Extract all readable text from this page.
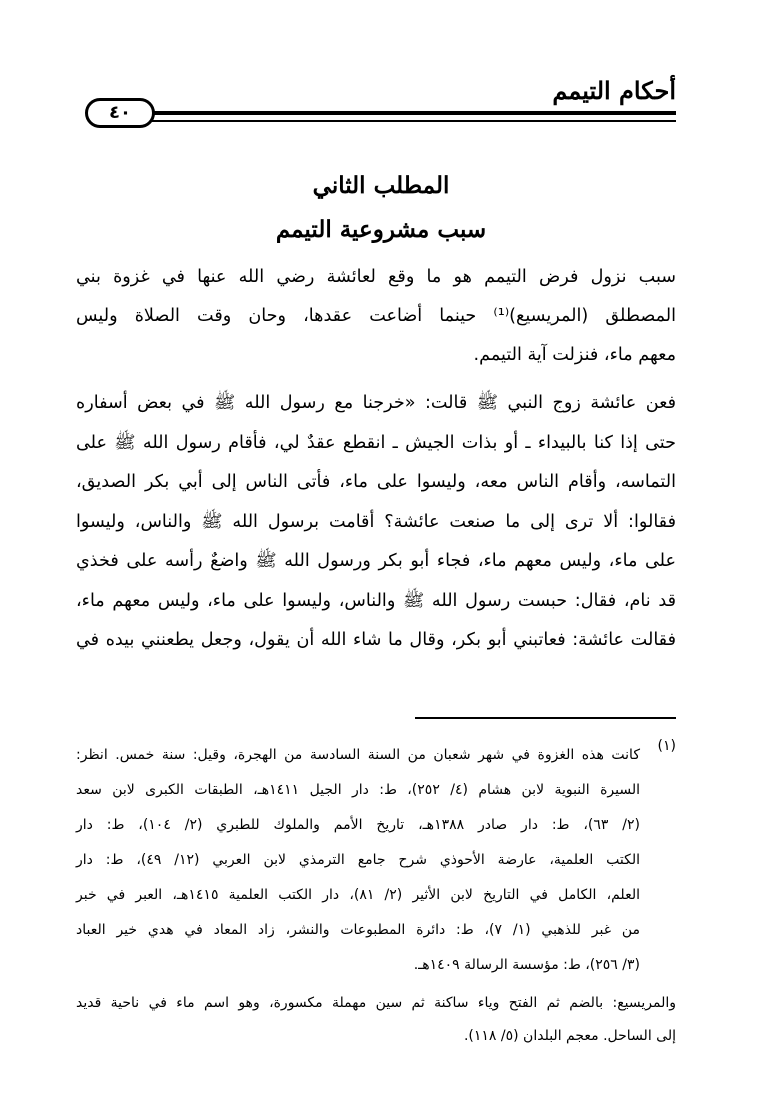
أحكام التيمم
٤٠
المطلب الثاني
سبب مشروعية التيمم
سبب نزول فرض التيمم هو ما وقع لعائشة رضي الله عنها في غزوة بني
المصطلق (المريسيع)⁽¹⁾ حينما أضاعت عقدها، وحان وقت الصلاة وليس
معهم ماء، فنزلت آية التيمم.
فعن عائشة زوج النبي ﷺ قالت: «خرجنا مع رسول الله ﷺ في بعض أسفاره
حتى إذا كنا بالبيداء ـ أو بذات الجيش ـ انقطع عقدٌ لي، فأقام رسول الله ﷺ على
التماسه، وأقام الناس معه، وليسوا على ماء، فأتى الناس إلى أبي بكر الصديق،
فقالوا: ألا ترى إلى ما صنعت عائشة؟ أقامت برسول الله ﷺ والناس، وليسوا
على ماء، وليس معهم ماء، فجاء أبو بكر ورسول الله ﷺ واضعٌ رأسه على فخذي
قد نام، فقال: حبست رسول الله ﷺ والناس، وليسوا على ماء، وليس معهم ماء،
فقالت عائشة: فعاتبني أبو بكر، وقال ما شاء الله أن يقول، وجعل يطعنني بيده في
(١)
كانت هذه الغزوة في شهر شعبان من السنة السادسة من الهجرة، وقيل: سنة خمس. انظر:
السيرة النبوية لابن هشام (٤/ ٢٥٢)، ط: دار الجيل ١٤١١هـ، الطبقات الكبرى لابن سعد
(٢/ ٦٣)، ط: دار صادر ١٣٨٨هـ، تاريخ الأمم والملوك للطبري (٢/ ١٠٤)، ط: دار
الكتب العلمية، عارضة الأحوذي شرح جامع الترمذي لابن العربي (١٢/ ٤٩)، ط: دار
العلم، الكامل في التاريخ لابن الأثير (٢/ ٨١)، دار الكتب العلمية ١٤١٥هـ، العبر في خبر
من غبر للذهبي (١/ ٧)، ط: دائرة المطبوعات والنشر، زاد المعاد في هدي خير العباد
(٣/ ٢٥٦)، ط: مؤسسة الرسالة ١٤٠٩هـ.
والمريسيع: بالضم ثم الفتح وياء ساكنة ثم سين مهملة مكسورة، وهو اسم ماء في ناحية قديد
إلى الساحل. معجم البلدان (٥/ ١١٨).
